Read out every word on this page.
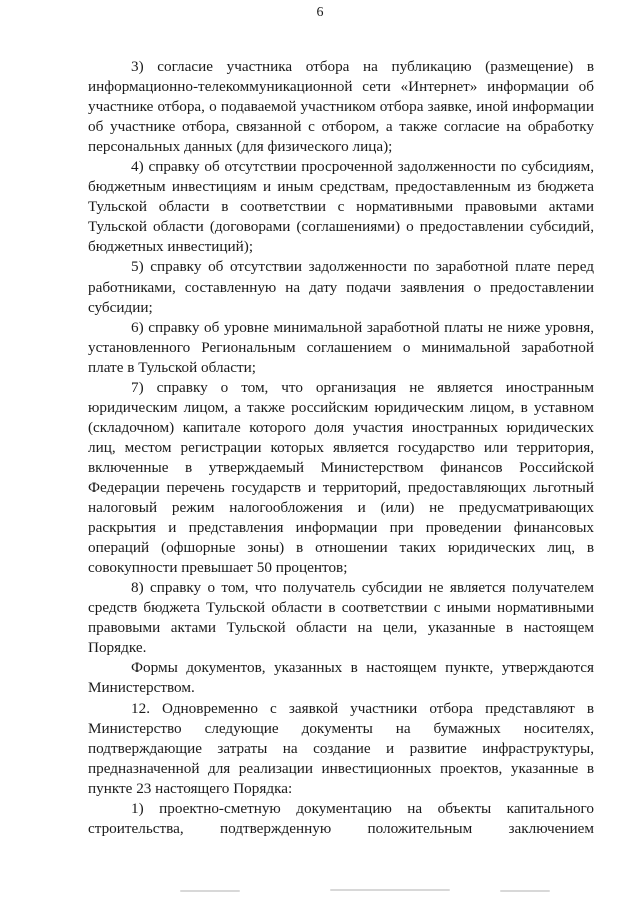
6

3) согласие участника отбора на публикацию (размещение) в информационно-телекоммуникационной сети «Интернет» информации об участнике отбора, о подаваемой участником отбора заявке, иной информации об участнике отбора, связанной с отбором, а также согласие на обработку персональных данных (для физического лица);

4) справку об отсутствии просроченной задолженности по субсидиям, бюджетным инвестициям и иным средствам, предоставленным из бюджета Тульской области в соответствии с нормативными правовыми актами Тульской области (договорами (соглашениями) о предоставлении субсидий, бюджетных инвестиций);

5) справку об отсутствии задолженности по заработной плате перед работниками, составленную на дату подачи заявления о предоставлении субсидии;

6) справку об уровне минимальной заработной платы не ниже уровня, установленного Региональным соглашением о минимальной заработной плате в Тульской области;

7) справку о том, что организация не является иностранным юридическим лицом, а также российским юридическим лицом, в уставном (складочном) капитале которого доля участия иностранных юридических лиц, местом регистрации которых является государство или территория, включенные в утверждаемый Министерством финансов Российской Федерации перечень государств и территорий, предоставляющих льготный налоговый режим налогообложения и (или) не предусматривающих раскрытия и представления информации при проведении финансовых операций (офшорные зоны) в отношении таких юридических лиц, в совокупности превышает 50 процентов;

8) справку о том, что получатель субсидии не является получателем средств бюджета Тульской области в соответствии с иными нормативными правовыми актами Тульской области на цели, указанные в настоящем Порядке.

Формы документов, указанных в настоящем пункте, утверждаются Министерством.

12. Одновременно с заявкой участники отбора представляют в Министерство следующие документы на бумажных носителях, подтверждающие затраты на создание и развитие инфраструктуры, предназначенной для реализации инвестиционных проектов, указанные в пункте 23 настоящего Порядка:

1) проектно-сметную документацию на объекты капитального строительства, подтвержденную положительным заключением
